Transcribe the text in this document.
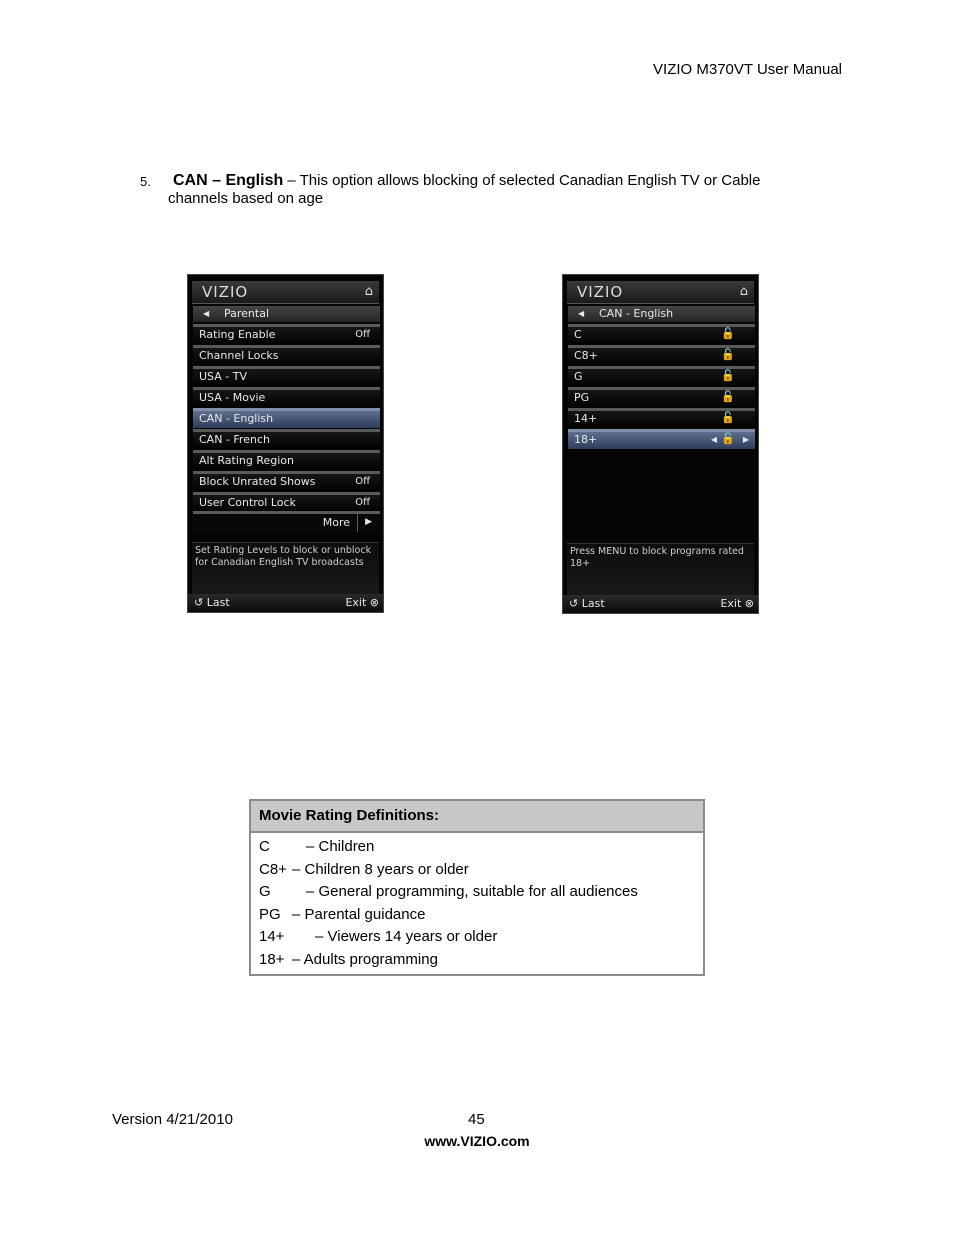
VIZIO M370VT User Manual
5.	CAN – English – This option allows blocking of selected Canadian English TV or Cable channels based on age
VIZIO	⌂
◀ Parental
Rating Enable	Off
Channel Locks
USA - TV
USA - Movie
CAN - English
CAN - French
Alt Rating Region
Block Unrated Shows	Off
User Control Lock	Off
More ▶
Set Rating Levels to block or unblock for Canadian English TV broadcasts
↺ Last	Exit ⊗
VIZIO	⌂
◀ CAN - English
C	🔓
C8+	🔓
G	🔓
PG	🔓
14+	🔓
18+	◀ 🔓 ▶
Press MENU to block programs rated 18+
↺ Last	Exit ⊗
Movie Rating Definitions:
C – Children
C8+ – Children 8 years or older
G – General programming, suitable for all audiences
PG – Parental guidance
14+ – Viewers 14 years or older
18+ – Adults programming
Version 4/21/2010	45
www.VIZIO.com
